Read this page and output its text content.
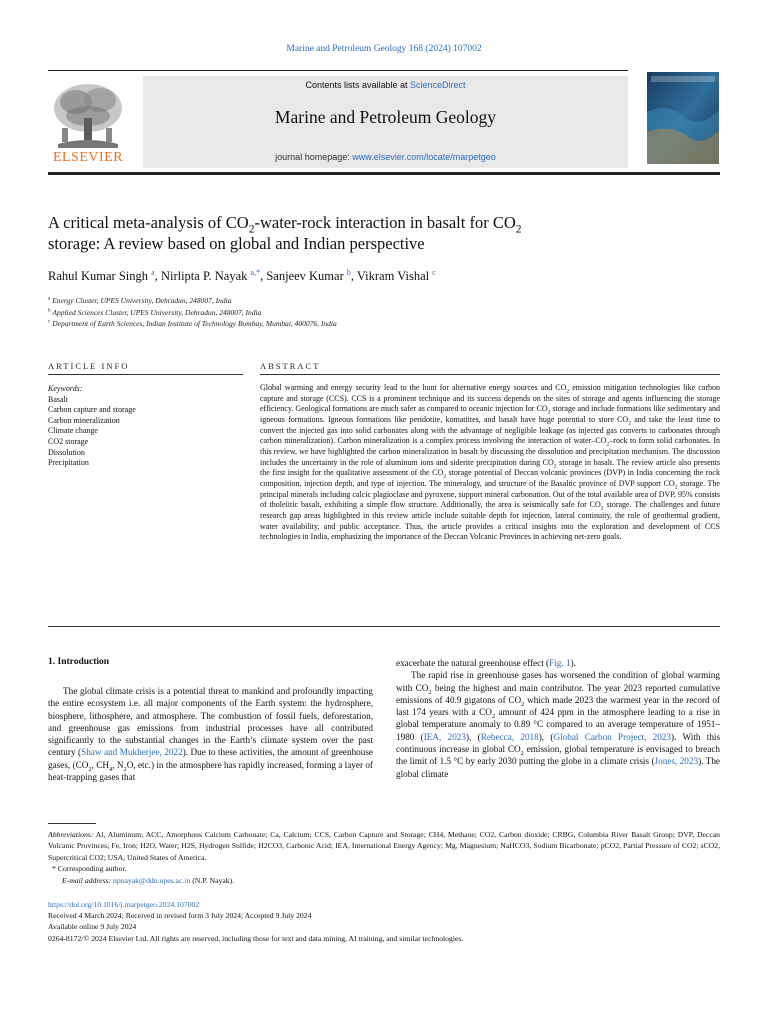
Marine and Petroleum Geology 168 (2024) 107002
Contents lists available at ScienceDirect
Marine and Petroleum Geology
journal homepage: www.elsevier.com/locate/marpetgeo
ELSEVIER
A critical meta-analysis of $CO_2-water$-rock interaction in basalt for $CO_2$
storage: A review based on global and Indian perspective
Rahul Kumar Singh $^a$, Nirlipta P. Nayak $^{a,*}$, Sanjeev Kumar $^b$, Vikram Vishal $^c$
$^a$ Energy Cluster, UPES University, Dehradun, 248007, India
$^b$ Applied Sciences Cluster, UPES University, Dehradun, 248007, India
$^c$ Department of Earth Sciences, Indian Institute of Technology Bombay, Mumbai, 400076, India
ARTICLE INFO
Keywords:
Basalt
Carbon capture and storage
Carbon mineralization
Climate change
CO2 storage
Dissolution
Precipitation
ABSTRACT
Global warming and energy security lead to the hunt for alternative energy sources and $CO_2$ emission mitigation technologies like carbon capture and storage (CCS). CCS is a prominent technique and its success depends on the sites of storage and agents influencing the storage efficiency. Geological formations are much safer as compared to oceanic injection for $CO_2$ storage and include formations like sedimentary and igneous formations. Igneous formations like peridotite, komatiites, and basalt have huge potential to store $CO_2$ and take the least time to convert the injected gas into solid carbonates along with the advantage of negligible leakage (as injected gas converts to carbonates through carbon mineralization). Carbon mineralization is a complex process involving the interaction of water–$CO_2$–rock to form solid carbonates. In this review, we have highlighted the carbon mineralization in basalt by discussing the dissolution and precipitation mechanism. The discussion includes the uncertainty in the role of aluminum ions and siderite precipitation during $CO_2$ storage in basalt. The review article also presents the first insight for the qualitative assessment of the $CO_2$ storage potential of Deccan volcanic provinces (DVP) in India concerning the rock composition, injection depth, and type of injection. The mineralogy, and structure of the Basaltic province of DVP support $CO_2$ storage. The principal minerals including calcic plagioclase and pyroxene, support mineral carbonation. Out of the total available area of DVP, 95% consists of tholeiitic basalt, exhibiting a simple flow structure. Additionally, the area is seismically safe for $CO_2$ storage. The challenges and future research gap areas highlighted in this review article include suitable depth for injection, lateral continuity, the role of geothermal gradient, water availability, and public acceptance. Thus, the article provides a critical insights into the exploration and development of CCS technologies in India, emphasizing the importance of the Deccan Volcanic Provinces in achieving net-zero goals.
1. Introduction

The global climate crisis is a potential threat to mankind and profoundly impacting the entire ecosystem i.e. all major components of the Earth system: the hydrosphere, biosphere, lithosphere, and atmosphere. The combustion of fossil fuels, deforestation, and greenhouse gas emissions from industrial processes have all contributed significantly to the substantial changes in the Earth’s climate system over the past century (Shaw and Mukherjee, 2022). Due to these activities, the amount of greenhouse gases, ($CO_2$, $CH_4$, $N_2O$, etc.) in the atmosphere has rapidly increased, forming a layer of heat-trapping gases that

exacerbate the natural greenhouse effect (Fig. 1).

The rapid rise in greenhouse gases has worsened the condition of global warming with $CO_2$ being the highest and main contributor. The year 2023 reported cumulative emissions of 40.9 gigatons of $CO_2$ which made 2023 the warmest year in the record of last 174 years with a $CO_2$ amount of 424 ppm in the atmosphere leading to a rise in global temperature anomaly to 0.89 °C compared to an average temperature of 1951–1980 (IEA, 2023), (Rebecca, 2018), (Global Carbon Project, 2023). With this continuous increase in global $CO_2$ emission, global temperature is envisaged to breach the limit of 1.5 °C by early 2030 putting the globe in a climate crisis (Jones, 2023). The global climate

Abbreviations: Al, Aluminum; ACC, Amorphous Calcium Carbonate; Ca, Calcium; CCS, Carbon Capture and Storage; CH4, Methane; CO2, Carbon dioxide; CRBG, Columbia River Basalt Group; DVP, Deccan Volcanic Provinces; Fe, Iron; H2O, Water; H2S, Hydrogen Sulfide; H2CO3, Carbonic Acid; IEA, International Energy Agency; Mg, Magnesium; NaHCO3, Sodium Bicarbonate; pCO2, Partial Pressure of CO2; sCO2, Supercritical CO2; USA, United States of America.
* Corresponding author.
E-mail address: npnayak@ddn.upes.ac.in (N.P. Nayak).
https://doi.org/10.1016/j.marpetgeo.2024.107002
Received 4 March 2024; Received in revised form 3 July 2024; Accepted 9 July 2024
Available online 9 July 2024
0264-8172/© 2024 Elsevier Ltd. All rights are reserved, including those for text and data mining, AI training, and similar technologies.
